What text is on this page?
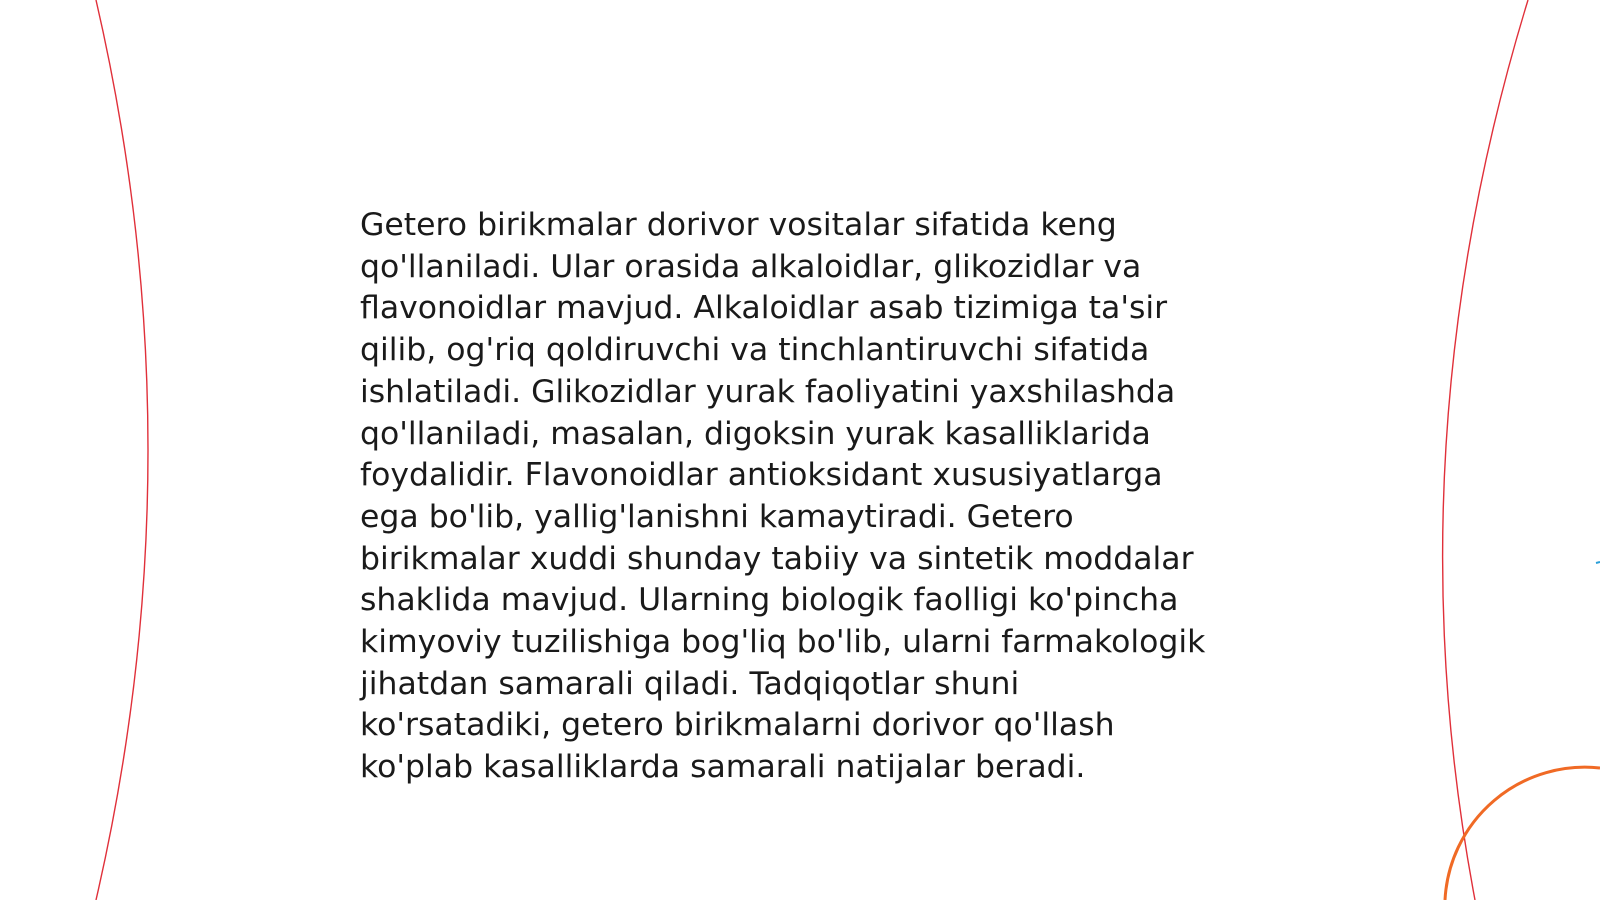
Getero birikmalar dorivor vositalar sifatida keng
qo'llaniladi. Ular orasida alkaloidlar, glikozidlar va
flavonoidlar mavjud. Alkaloidlar asab tizimiga ta'sir
qilib, og'riq qoldiruvchi va tinchlantiruvchi sifatida
ishlatiladi. Glikozidlar yurak faoliyatini yaxshilashda
qo'llaniladi, masalan, digoksin yurak kasalliklarida
foydalidir. Flavonoidlar antioksidant xususiyatlarga
ega bo'lib, yallig'lanishni kamaytiradi. Getero
birikmalar xuddi shunday tabiiy va sintetik moddalar
shaklida mavjud. Ularning biologik faolligi ko'pincha
kimyoviy tuzilishiga bog'liq bo'lib, ularni farmakologik
jihatdan samarali qiladi. Tadqiqotlar shuni
ko'rsatadiki, getero birikmalarni dorivor qo'llash
ko'plab kasalliklarda samarali natijalar beradi.
